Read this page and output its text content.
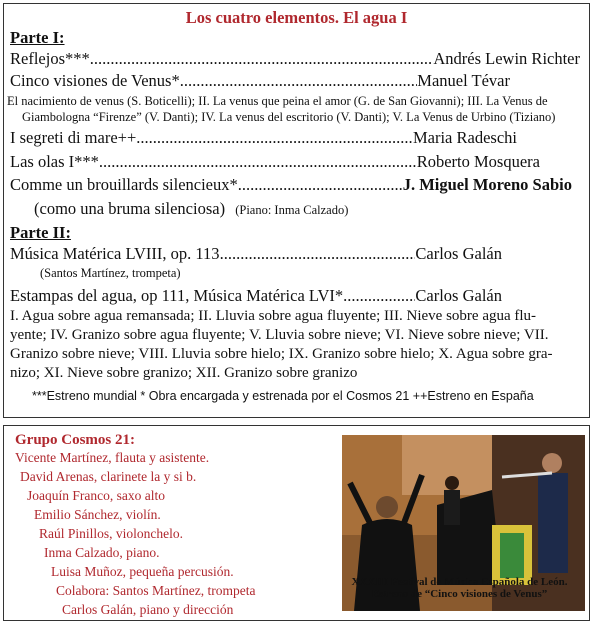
Los cuatro elementos. El agua I
Parte I:
Reflejos*** .....	Andrés Lewin Richter
Cinco visiones de Venus* .....	Manuel Tévar
El nacimiento de venus (S. Boticelli); II. La venus que peina el amor (G. de San Giovanni); III. La Venus de
Giambologna “Firenze” (V. Danti); IV. La venus del escritorio (V. Danti); V. La Venus de Urbino (Tiziano)
I segreti di mare++ .....	Maria Radeschi
Las olas I*** .....	Roberto Mosquera
Comme un brouillards silencieux* .....	J. Miguel Moreno Sabio
(como una bruma silenciosa) (Piano: Inma Calzado)
Parte II:
Música Matérica LVIII, op. 113 .....	Carlos Galán
(Santos Martínez, trompeta)
Estampas del agua, op 111, Música Matérica LVI* .....	Carlos Galán
I. Agua sobre agua remansada; II. Lluvia sobre agua fluyente; III. Nieve sobre agua flu-
yente; IV. Granizo sobre agua fluyente; V. Lluvia sobre nieve; VI. Nieve sobre nieve; VII.
Granizo sobre nieve; VIII. Lluvia sobre hielo; IX. Granizo sobre hielo; X. Agua sobre gra-
nizo; XI. Nieve sobre granizo; XII. Granizo sobre granizo
***Estreno mundial * Obra encargada y estrenada por el Cosmos 21 ++Estreno en España
Grupo Cosmos 21:
Vicente Martínez, flauta y asistente.
David Arenas, clarinete la y si b.
Joaquín Franco, saxo alto
Emilio Sánchez, violín.
Raúl Pinillos, violonchelo.
Inma Calzado, piano.
Luisa Muñoz, pequeña percusión.
Colabora: Santos Martínez, trompeta
Carlos Galán, piano y dirección
XXXIII Festival de Música Española de León.
Estreno de “Cinco visiones de Venus”
